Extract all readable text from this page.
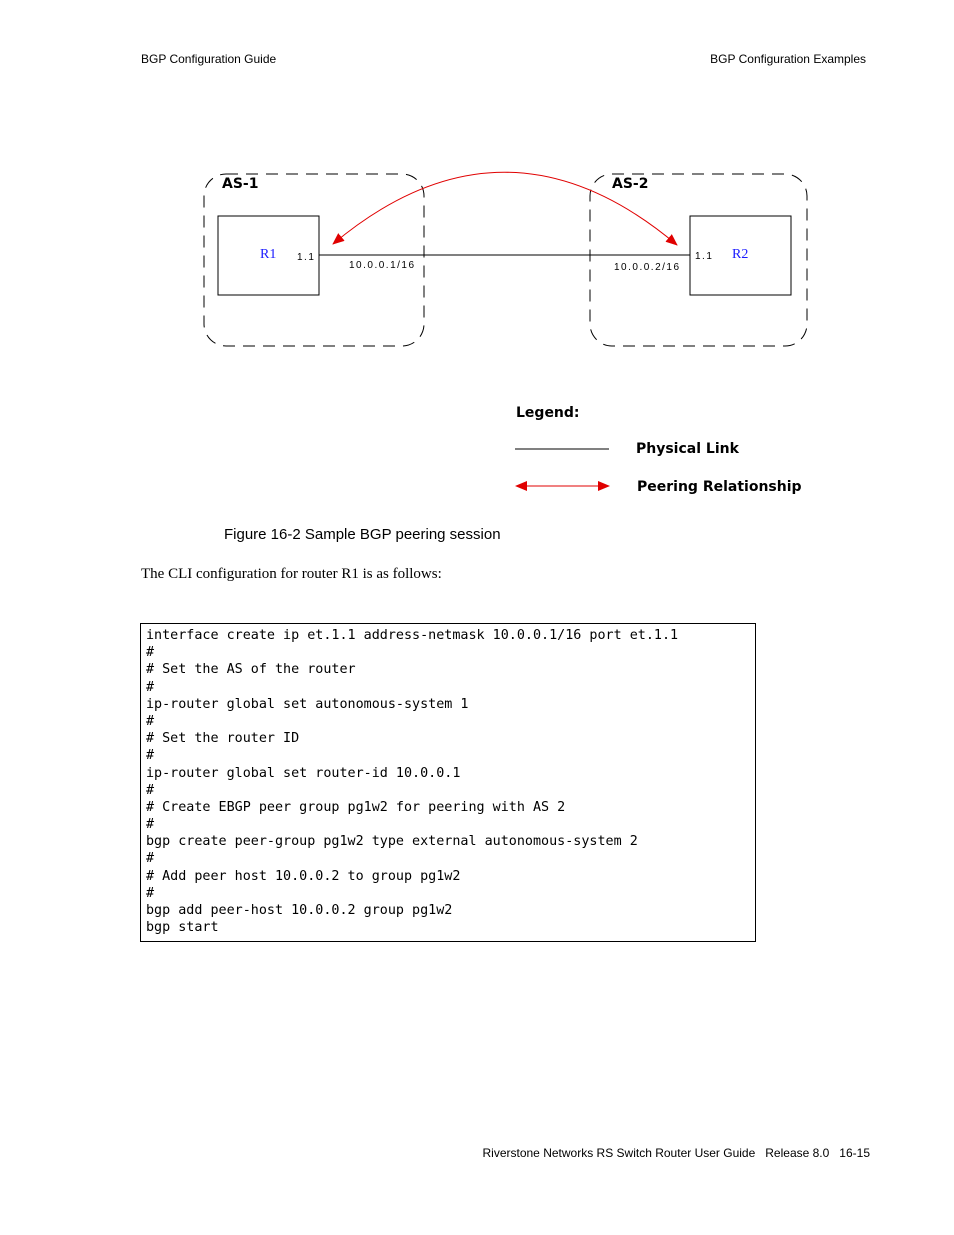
BGP Configuration Guide	BGP Configuration Examples
AS-1	AS-2
R1	R2
1.1	1.1
10.0.0.1/16	10.0.0.2/16
Legend:
Physical Link
Peering Relationship
Figure 16-2 Sample BGP peering session
The CLI configuration for router R1 is as follows:
interface create ip et.1.1 address-netmask 10.0.0.1/16 port et.1.1
#
# Set the AS of the router
#
ip-router global set autonomous-system 1
#
# Set the router ID
#
ip-router global set router-id 10.0.0.1
#
# Create EBGP peer group pg1w2 for peering with AS 2
#
bgp create peer-group pg1w2 type external autonomous-system 2
#
# Add peer host 10.0.0.2 to group pg1w2
#
bgp add peer-host 10.0.0.2 group pg1w2
bgp start
Riverstone Networks RS Switch Router User Guide   Release 8.0   16-15
